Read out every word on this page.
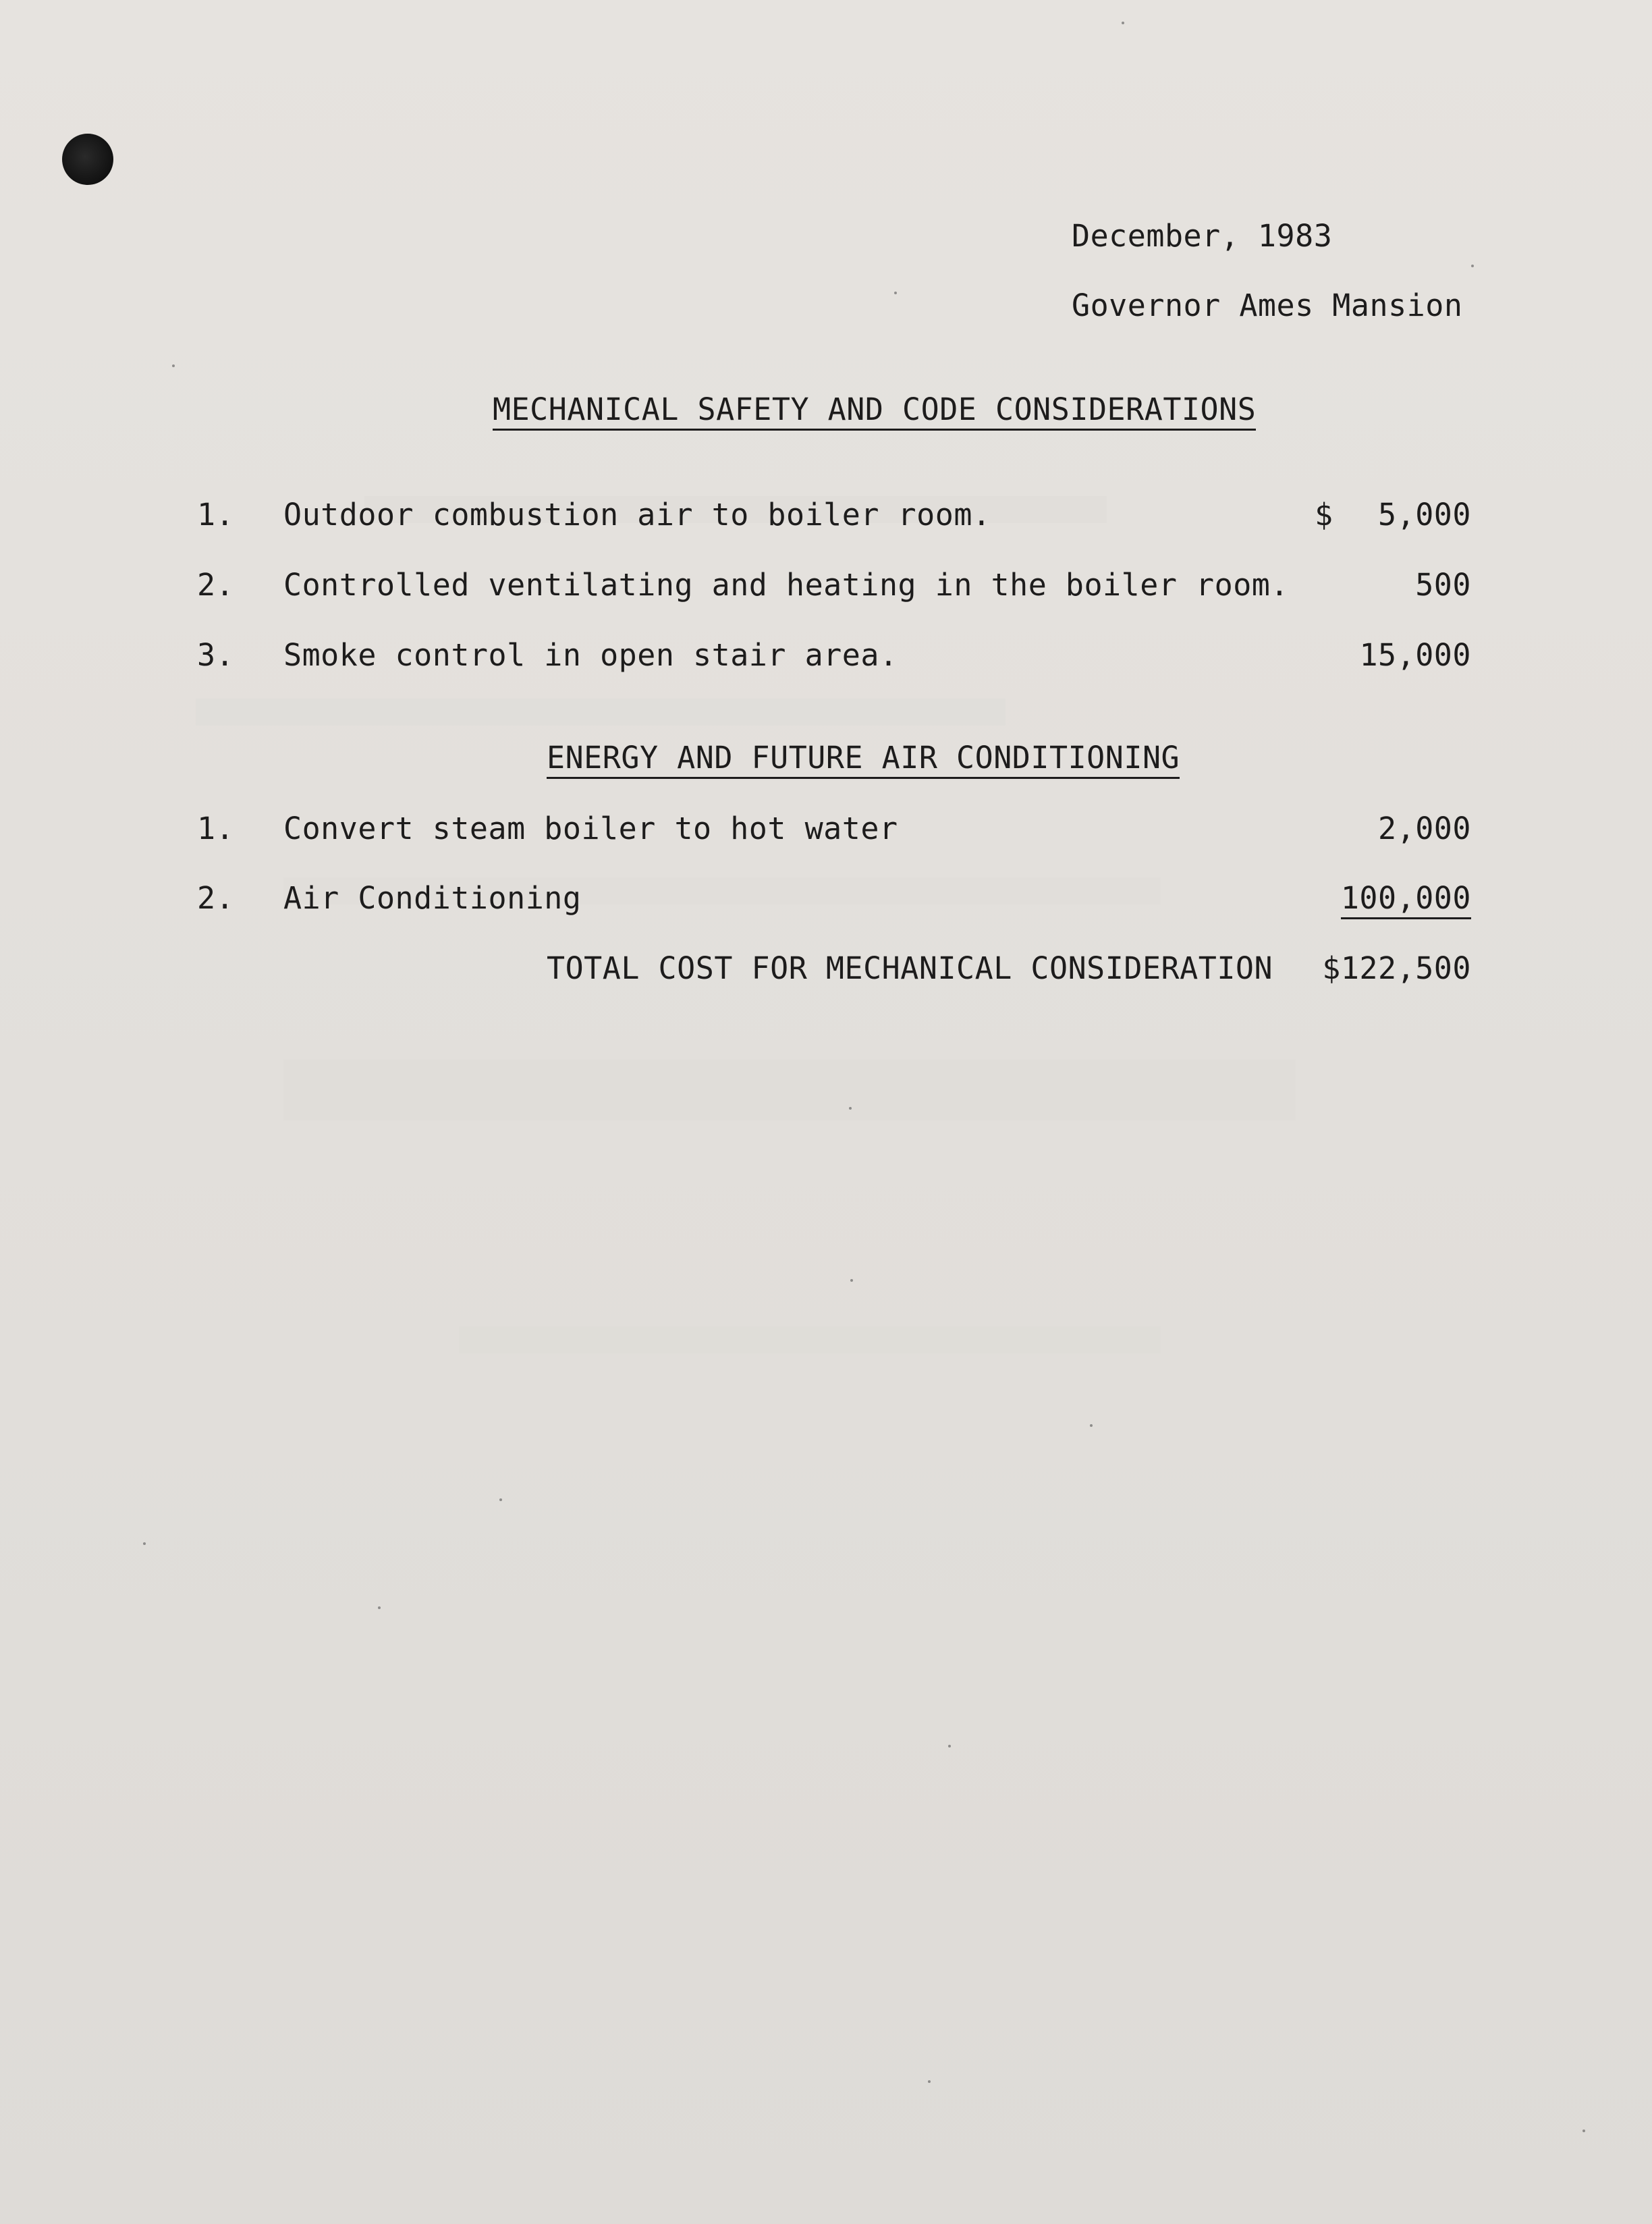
December, 1983
Governor Ames Mansion
MECHANICAL SAFETY AND CODE CONSIDERATIONS
1. Outdoor combustion air to boiler room.	$ 5,000
2. Controlled ventilating and heating in the boiler room.	500
3. Smoke control in open stair area.	15,000
ENERGY AND FUTURE AIR CONDITIONING
1. Convert steam boiler to hot water	2,000
2. Air Conditioning	100,000
TOTAL COST FOR MECHANICAL CONSIDERATION $122,500
